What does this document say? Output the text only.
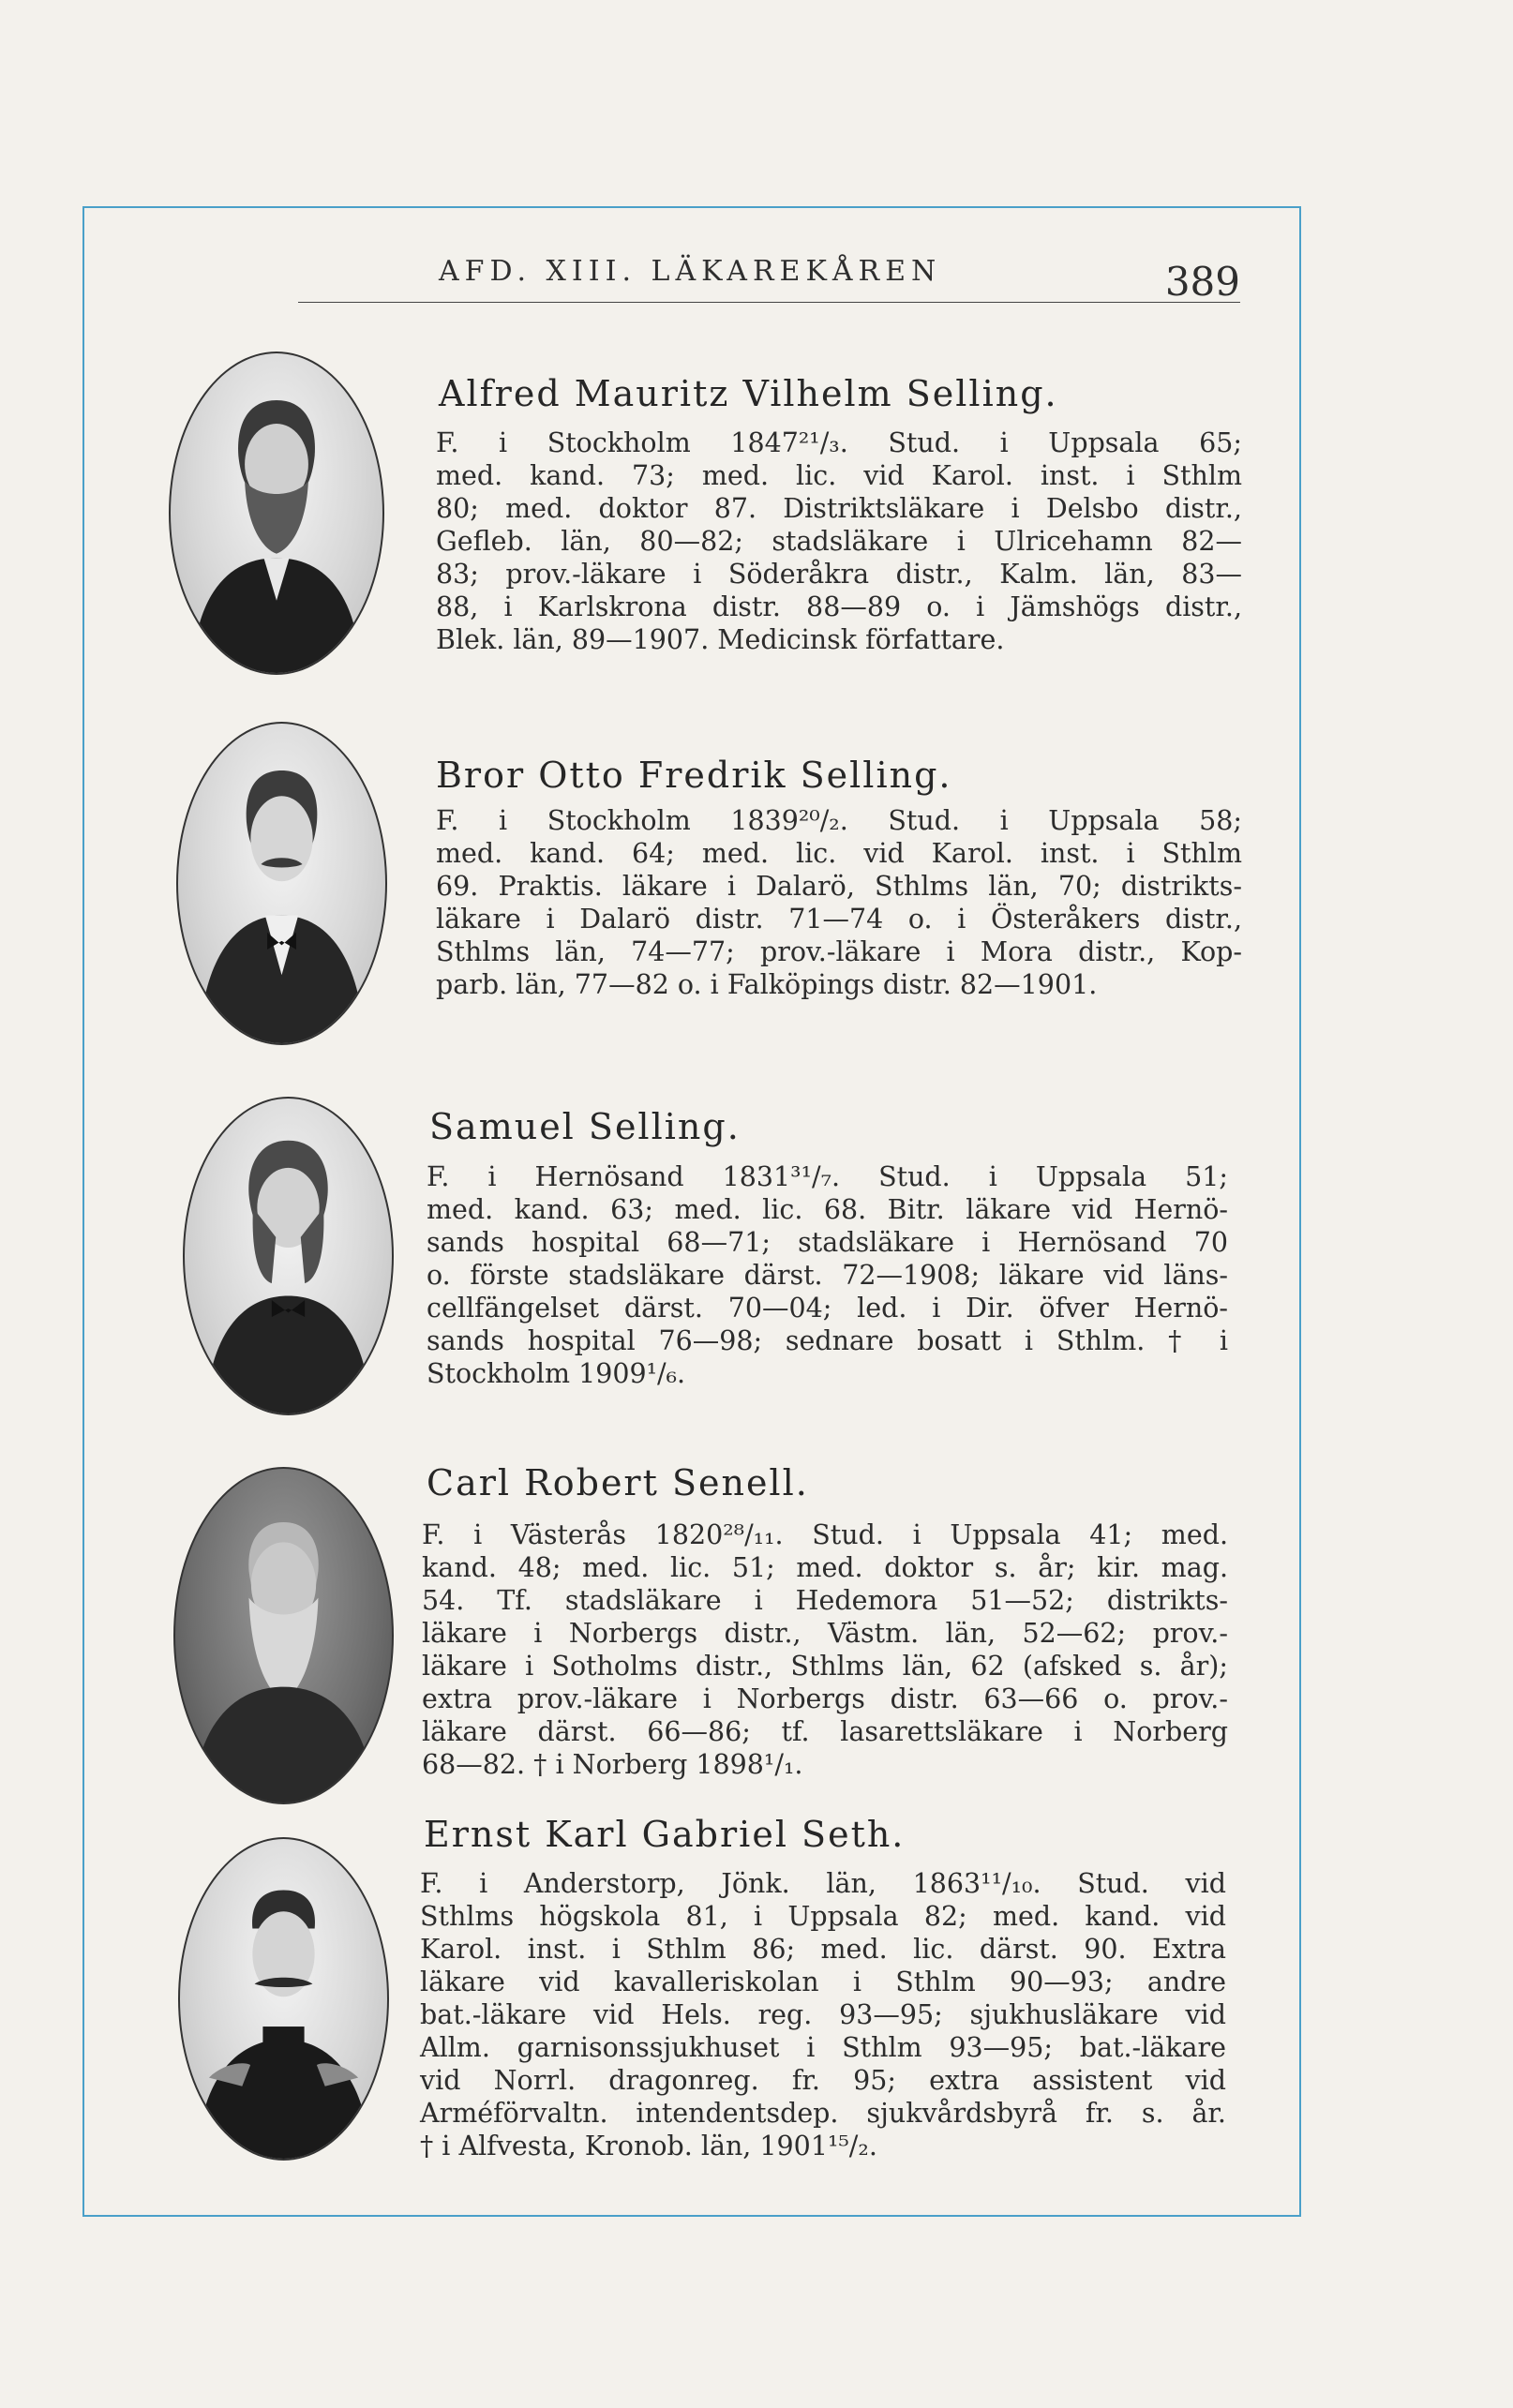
AFD. XIII. LÄKAREKÅREN	389
Alfred Mauritz Vilhelm Selling.
F. i Stockholm 1847²¹/₃. Stud. i Uppsala 65;
med. kand. 73; med. lic. vid Karol. inst. i Sthlm
80; med. doktor 87. Distriktsläkare i Delsbo distr.,
Gefleb. län, 80—82; stadsläkare i Ulricehamn 82—
83; prov.-läkare i Söderåkra distr., Kalm. län, 83—
88, i Karlskrona distr. 88—89 o. i Jämshögs distr.,
Blek. län, 89—1907. Medicinsk författare.
Bror Otto Fredrik Selling.
F. i Stockholm 1839²⁰/₂. Stud. i Uppsala 58;
med. kand. 64; med. lic. vid Karol. inst. i Sthlm
69. Praktis. läkare i Dalarö, Sthlms län, 70; distrikts-
läkare i Dalarö distr. 71—74 o. i Österåkers distr.,
Sthlms län, 74—77; prov.-läkare i Mora distr., Kop-
parb. län, 77—82 o. i Falköpings distr. 82—1901.
Samuel Selling.
F. i Hernösand 1831³¹/₇. Stud. i Uppsala 51;
med. kand. 63; med. lic. 68. Bitr. läkare vid Hernö-
sands hospital 68—71; stadsläkare i Hernösand 70
o. förste stadsläkare därst. 72—1908; läkare vid läns-
cellfängelset därst. 70—04; led. i Dir. öfver Hernö-
sands hospital 76—98; sednare bosatt i Sthlm. † i
Stockholm 1909¹/₆.
Carl Robert Senell.
F. i Västerås 1820²⁸/₁₁. Stud. i Uppsala 41; med.
kand. 48; med. lic. 51; med. doktor s. år; kir. mag.
54. Tf. stadsläkare i Hedemora 51—52; distrikts-
läkare i Norbergs distr., Västm. län, 52—62; prov.-
läkare i Sotholms distr., Sthlms län, 62 (afsked s. år);
extra prov.-läkare i Norbergs distr. 63—66 o. prov.-
läkare därst. 66—86; tf. lasarettsläkare i Norberg
68—82. † i Norberg 1898¹/₁.
Ernst Karl Gabriel Seth.
F. i Anderstorp, Jönk. län, 1863¹¹/₁₀. Stud. vid
Sthlms högskola 81, i Uppsala 82; med. kand. vid
Karol. inst. i Sthlm 86; med. lic. därst. 90. Extra
läkare vid kavalleriskolan i Sthlm 90—93; andre
bat.-läkare vid Hels. reg. 93—95; sjukhusläkare vid
Allm. garnisonssjukhuset i Sthlm 93—95; bat.-läkare
vid Norrl. dragonreg. fr. 95; extra assistent vid
Arméförvaltn. intendentsdep. sjukvårdsbyrå fr. s. år.
† i Alfvesta, Kronob. län, 1901¹⁵/₂.
